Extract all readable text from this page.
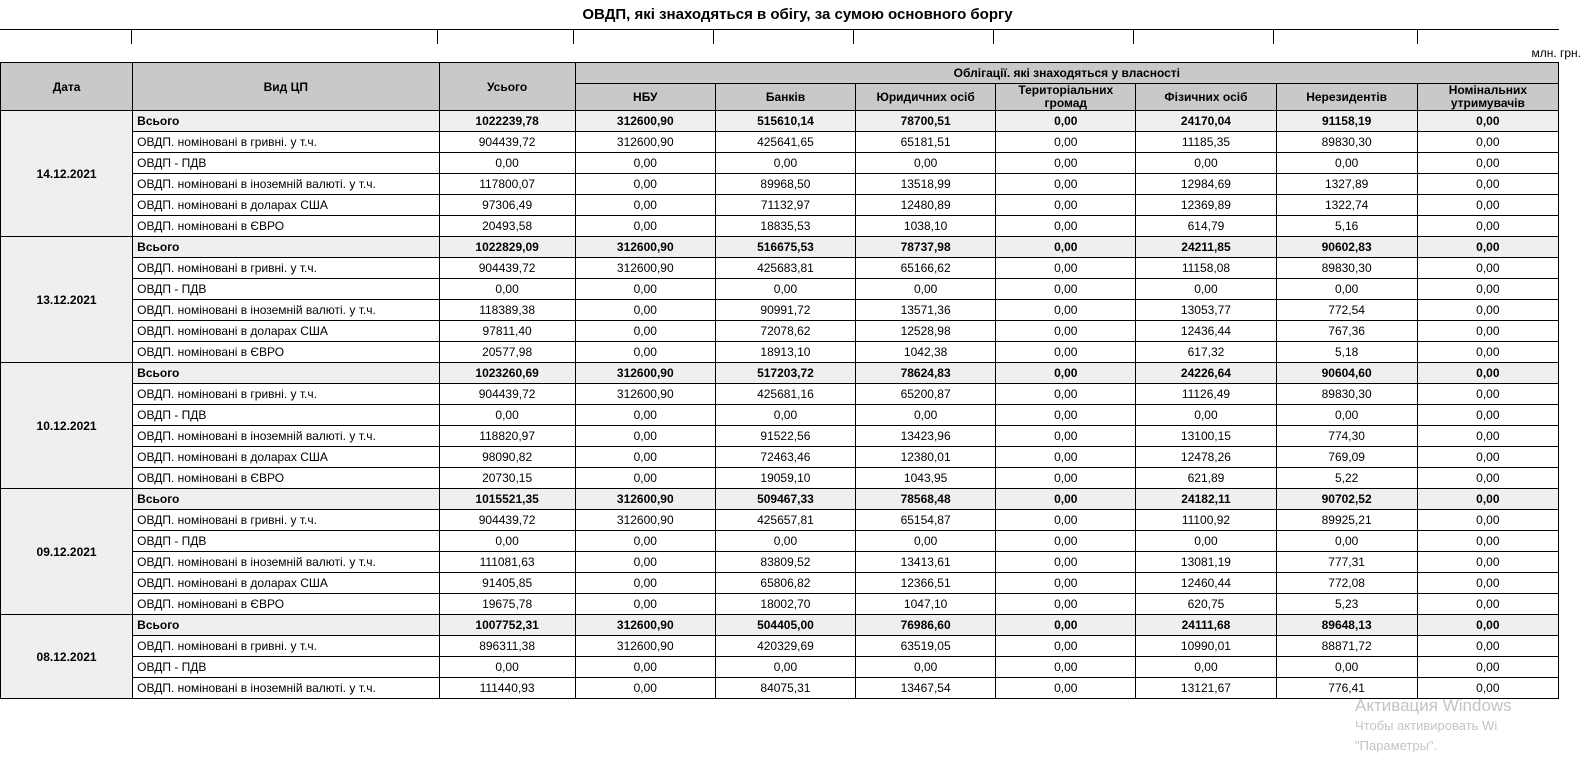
ОВДП, які знаходяться в обігу, за сумою основного боргу
млн. грн.
Дата	Вид ЦП	Усього	Облігації. які знаходяться у власності						
			НБУ	Банків	Юридичних осіб	Територіальних громад	Фізичних осіб	Нерезидентів	Номінальних утримувачів

14.12.2021	Всього	1022239,78	312600,90	515610,14	78700,51	0,00	24170,04	91158,19	0,00
	ОВДП. номіновані в гривні. у т.ч.	904439,72	312600,90	425641,65	65181,51	0,00	11185,35	89830,30	0,00
	ОВДП - ПДВ	0,00	0,00	0,00	0,00	0,00	0,00	0,00	0,00
	ОВДП. номіновані в іноземній валюті. у т.ч.	117800,07	0,00	89968,50	13518,99	0,00	12984,69	1327,89	0,00
	ОВДП. номіновані в доларах США	97306,49	0,00	71132,97	12480,89	0,00	12369,89	1322,74	0,00
	ОВДП. номіновані в ЄВРО	20493,58	0,00	18835,53	1038,10	0,00	614,79	5,16	0,00
13.12.2021	Всього	1022829,09	312600,90	516675,53	78737,98	0,00	24211,85	90602,83	0,00
	ОВДП. номіновані в гривні. у т.ч.	904439,72	312600,90	425683,81	65166,62	0,00	11158,08	89830,30	0,00
	ОВДП - ПДВ	0,00	0,00	0,00	0,00	0,00	0,00	0,00	0,00
	ОВДП. номіновані в іноземній валюті. у т.ч.	118389,38	0,00	90991,72	13571,36	0,00	13053,77	772,54	0,00
	ОВДП. номіновані в доларах США	97811,40	0,00	72078,62	12528,98	0,00	12436,44	767,36	0,00
	ОВДП. номіновані в ЄВРО	20577,98	0,00	18913,10	1042,38	0,00	617,32	5,18	0,00
10.12.2021	Всього	1023260,69	312600,90	517203,72	78624,83	0,00	24226,64	90604,60	0,00
	ОВДП. номіновані в гривні. у т.ч.	904439,72	312600,90	425681,16	65200,87	0,00	11126,49	89830,30	0,00
	ОВДП - ПДВ	0,00	0,00	0,00	0,00	0,00	0,00	0,00	0,00
	ОВДП. номіновані в іноземній валюті. у т.ч.	118820,97	0,00	91522,56	13423,96	0,00	13100,15	774,30	0,00
	ОВДП. номіновані в доларах США	98090,82	0,00	72463,46	12380,01	0,00	12478,26	769,09	0,00
	ОВДП. номіновані в ЄВРО	20730,15	0,00	19059,10	1043,95	0,00	621,89	5,22	0,00
09.12.2021	Всього	1015521,35	312600,90	509467,33	78568,48	0,00	24182,11	90702,52	0,00
	ОВДП. номіновані в гривні. у т.ч.	904439,72	312600,90	425657,81	65154,87	0,00	11100,92	89925,21	0,00
	ОВДП - ПДВ	0,00	0,00	0,00	0,00	0,00	0,00	0,00	0,00
	ОВДП. номіновані в іноземній валюті. у т.ч.	111081,63	0,00	83809,52	13413,61	0,00	13081,19	777,31	0,00
	ОВДП. номіновані в доларах США	91405,85	0,00	65806,82	12366,51	0,00	12460,44	772,08	0,00
	ОВДП. номіновані в ЄВРО	19675,78	0,00	18002,70	1047,10	0,00	620,75	5,23	0,00
08.12.2021	Всього	1007752,31	312600,90	504405,00	76986,60	0,00	24111,68	89648,13	0,00
	ОВДП. номіновані в гривні. у т.ч.	896311,38	312600,90	420329,69	63519,05	0,00	10990,01	88871,72	0,00
	ОВДП - ПДВ	0,00	0,00	0,00	0,00	0,00	0,00	0,00	0,00
	ОВДП. номіновані в іноземній валюті. у т.ч.	111440,93	0,00	84075,31	13467,54	0,00	13121,67	776,41	0,00
Активация Windows
Чтобы активировать Wi
"Параметры".
